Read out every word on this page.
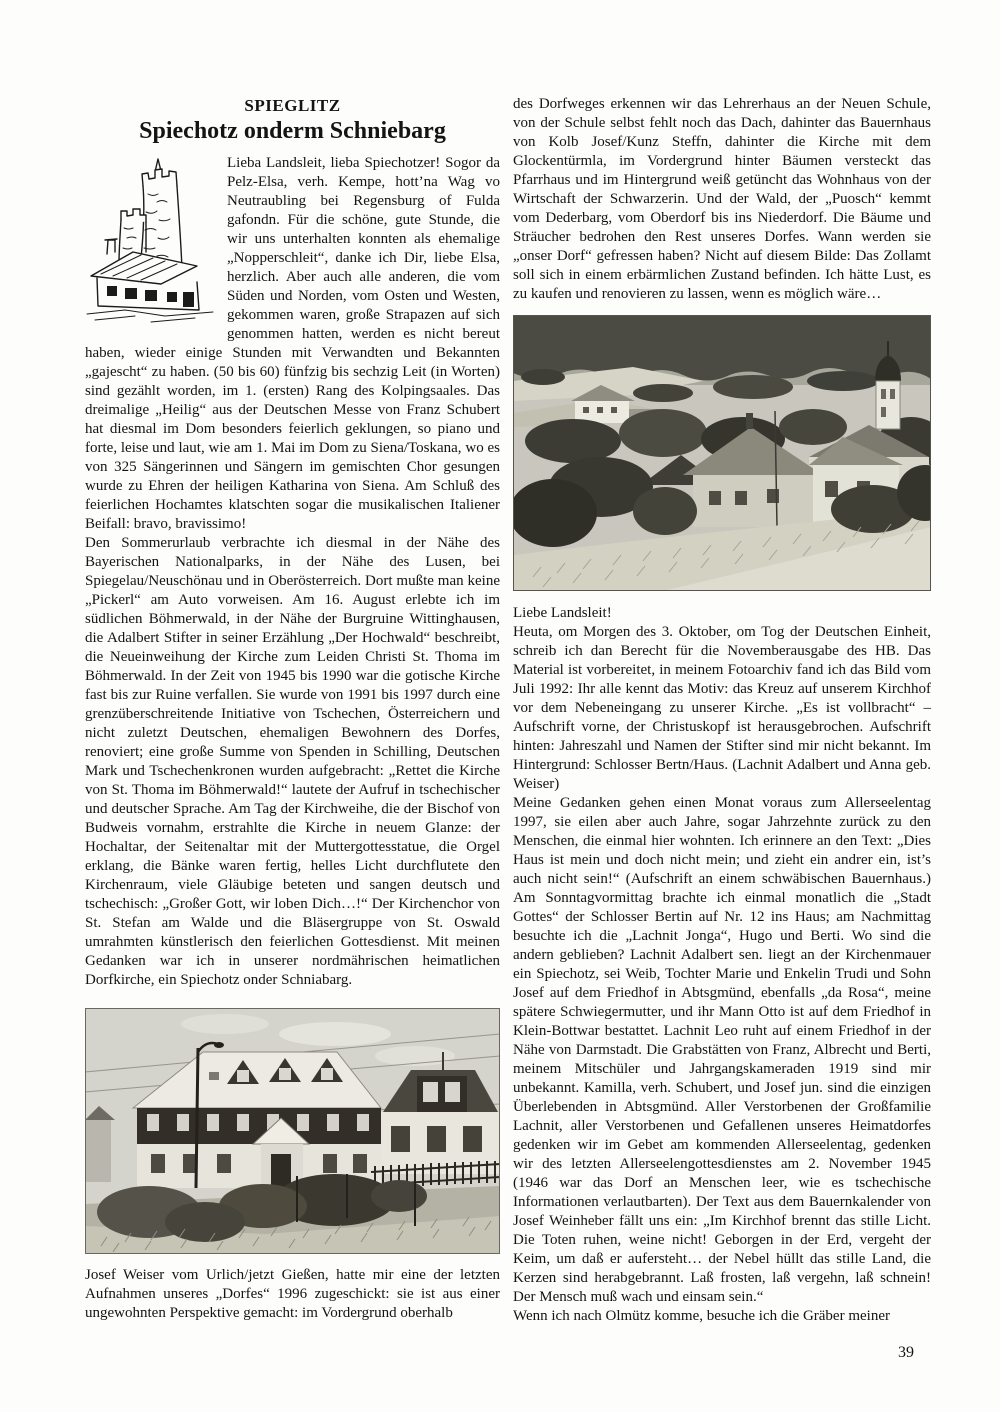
SPIEGLITZ
Spiechotz onderm Schniebarg
Lieba Landsleit, lieba Spiechotzer! Sogor da Pelz-Elsa, verh. Kempe, hott’na Wag vo Neutraubling bei Regensburg of Fulda gafondn. Für die schöne, gute Stunde, die wir uns unterhalten konnten als ehemalige „Nopperschleit“, danke ich Dir, liebe Elsa, herzlich. Aber auch alle anderen, die vom Süden und Norden, vom Osten und Westen, gekommen waren, große Strapazen auf sich genommen hatten, werden es nicht bereut haben, wieder einige Stunden mit Verwandten und Bekannten „gajescht“ zu haben. (50 bis 60) fünfzig bis sechzig Leit (in Worten) sind gezählt worden, im 1. (ersten) Rang des Kolpingsaales. Das dreimalige „Heilig“ aus der Deutschen Messe von Franz Schubert hat diesmal im Dom besonders feierlich geklungen, so piano und forte, leise und laut, wie am 1. Mai im Dom zu Siena/Toskana, wo es von 325 Sängerinnen und Sängern im gemischten Chor gesungen wurde zu Ehren der heiligen Katharina von Siena. Am Schluß des feierlichen Hochamtes klatschten sogar die musikalischen Italiener Beifall: bravo, bravissimo!
Den Sommerurlaub verbrachte ich diesmal in der Nähe des Bayerischen Nationalparks, in der Nähe des Lusen, bei Spiegelau/Neuschönau und in Oberösterreich. Dort mußte man keine „Pickerl“ am Auto vorweisen. Am 16. August erlebte ich im südlichen Böhmerwald, in der Nähe der Burgruine Wittinghausen, die Adalbert Stifter in seiner Erzählung „Der Hochwald“ beschreibt, die Neueinweihung der Kirche zum Leiden Christi St. Thoma im Böhmerwald. In der Zeit von 1945 bis 1990 war die gotische Kirche fast bis zur Ruine verfallen. Sie wurde von 1991 bis 1997 durch eine grenzüberschreitende Initiative von Tschechen, Österreichern und nicht zuletzt Deutschen, ehemaligen Bewohnern des Dorfes, renoviert; eine große Summe von Spenden in Schilling, Deutschen Mark und Tschechenkronen wurden aufgebracht: „Rettet die Kirche von St. Thoma im Böhmerwald!“ lautete der Aufruf in tschechischer und deutscher Sprache. Am Tag der Kirchweihe, die der Bischof von Budweis vornahm, erstrahlte die Kirche in neuem Glanze: der Hochaltar, der Seitenaltar mit der Muttergottesstatue, die Orgel erklang, die Bänke waren fertig, helles Licht durchflutete den Kirchenraum, viele Gläubige beteten und sangen deutsch und tschechisch: „Großer Gott, wir loben Dich…!“ Der Kirchenchor von St. Stefan am Walde und die Bläsergruppe von St. Oswald umrahmten künstlerisch den feierlichen Gottesdienst. Mit meinen Gedanken war ich in unserer nordmährischen heimatlichen Dorfkirche, ein Spiechotz onder Schniabarg.
Josef Weiser vom Urlich/jetzt Gießen, hatte mir eine der letzten Aufnahmen unseres „Dorfes“ 1996 zugeschickt: sie ist aus einer ungewohnten Perspektive gemacht: im Vordergrund oberhalb
des Dorfweges erkennen wir das Lehrerhaus an der Neuen Schule, von der Schule selbst fehlt noch das Dach, dahinter das Bauernhaus von Kolb Josef/Kunz Steffn, dahinter die Kirche mit dem Glockentürmla, im Vordergrund hinter Bäumen versteckt das Pfarrhaus und im Hintergrund weiß getüncht das Wohnhaus von der Wirtschaft der Schwarzerin. Und der Wald, der „Puosch“ kemmt vom Dederbarg, vom Oberdorf bis ins Niederdorf. Die Bäume und Sträucher bedrohen den Rest unseres Dorfes. Wann werden sie „onser Dorf“ gefressen haben? Nicht auf diesem Bilde: Das Zollamt soll sich in einem erbärmlichen Zustand befinden. Ich hätte Lust, es zu kaufen und renovieren zu lassen, wenn es möglich wäre…
Liebe Landsleit!
Heuta, om Morgen des 3. Oktober, om Tog der Deutschen Einheit, schreib ich dan Berecht für die Novemberausgabe des HB. Das Material ist vorbereitet, in meinem Fotoarchiv fand ich das Bild vom Juli 1992: Ihr alle kennt das Motiv: das Kreuz auf unserem Kirchhof vor dem Nebeneingang zu unserer Kirche. „Es ist vollbracht“ – Aufschrift vorne, der Christuskopf ist herausgebrochen. Aufschrift hinten: Jahreszahl und Namen der Stifter sind mir nicht bekannt. Im Hintergrund: Schlosser Bertn/Haus. (Lachnit Adalbert und Anna geb. Weiser)
Meine Gedanken gehen einen Monat voraus zum Allerseelentag 1997, sie eilen aber auch Jahre, sogar Jahrzehnte zurück zu den Menschen, die einmal hier wohnten. Ich erinnere an den Text: „Dies Haus ist mein und doch nicht mein; und zieht ein andrer ein, ist’s auch nicht sein!“ (Aufschrift an einem schwäbischen Bauernhaus.) Am Sonntagvormittag brachte ich einmal monatlich die „Stadt Gottes“ der Schlosser Bertin auf Nr. 12 ins Haus; am Nachmittag besuchte ich die „Lachnit Jonga“, Hugo und Berti. Wo sind die andern geblieben? Lachnit Adalbert sen. liegt an der Kirchenmauer ein Spiechotz, sei Weib, Tochter Marie und Enkelin Trudi und Sohn Josef auf dem Friedhof in Abtsgmünd, ebenfalls „da Rosa“, meine spätere Schwiegermutter, und ihr Mann Otto ist auf dem Friedhof in Klein-Bottwar bestattet. Lachnit Leo ruht auf einem Friedhof in der Nähe von Darmstadt. Die Grabstätten von Franz, Albrecht und Berti, meinem Mitschüler und Jahrgangskameraden 1919 sind mir unbekannt. Kamilla, verh. Schubert, und Josef jun. sind die einzigen Überlebenden in Abtsgmünd. Aller Verstorbenen der Großfamilie Lachnit, aller Verstorbenen und Gefallenen unseres Heimatdorfes gedenken wir im Gebet am kommenden Allerseelentag, gedenken wir des letzten Allerseelengottesdienstes am 2. November 1945 (1946 war das Dorf an Menschen leer, wie es tschechische Informationen verlautbarten). Der Text aus dem Bauernkalender von Josef Weinheber fällt uns ein: „Im Kirchhof brennt das stille Licht. Die Toten ruhen, weine nicht! Geborgen in der Erd, vergeht der Keim, um daß er aufersteht… der Nebel hüllt das stille Land, die Kerzen sind herabgebrannt. Laß frosten, laß vergehn, laß schnein! Der Mensch muß wach und einsam sein.“
Wenn ich nach Olmütz komme, besuche ich die Gräber meiner
39
